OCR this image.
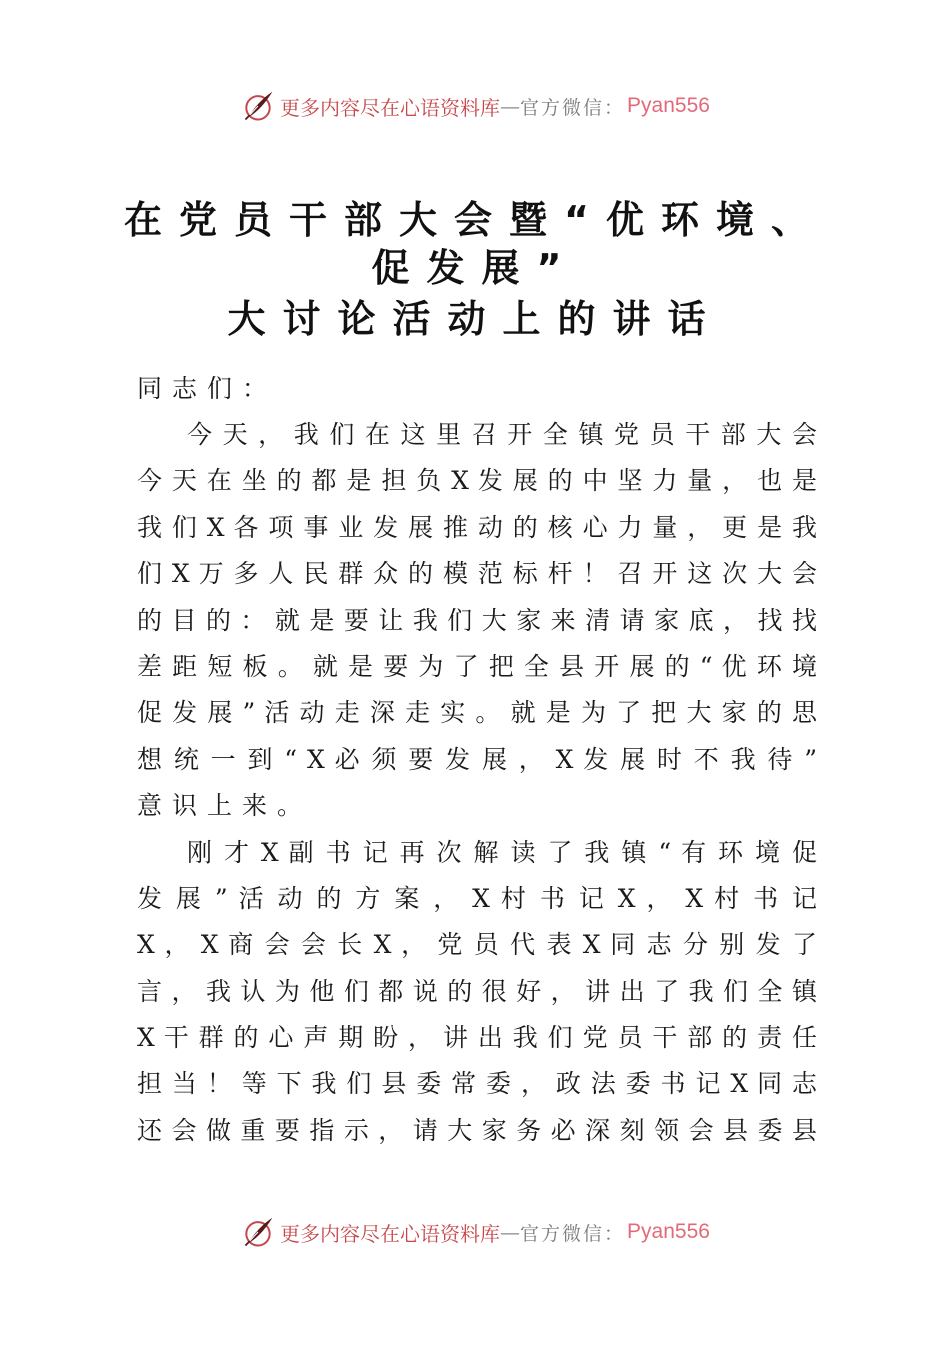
更多内容尽在心语资料库 — 官方微信： Pyan556
在党员干部大会暨“优环境、
促发展”
大讨论活动上的讲话
同志们：

今 天 ， 我 们 在 这 里 召 开 全 镇 党 员 干 部 大 会
今 天 在 坐 的 都 是 担 负 X 发 展 的 中 坚 力 量 ， 也 是
我 们 X 各 项 事 业 发 展 推 动 的 核 心 力 量 ， 更 是 我
们 X 万 多 人 民 群 众 的 模 范 标 杆 ！ 召 开 这 次 大 会
的 目 的 ： 就 是 要 让 我 们 大 家 来 清 请 家 底 ， 找 找
差 距 短 板 。 就 是 要 为 了 把 全 县 开 展 的 “ 优 环 境
促 发 展 ” 活 动 走 深 走 实 。 就 是 为 了 把 大 家 的 思
想 统 一 到 “ X 必 须 要 发 展 ， X 发 展 时 不 我 待 ”
意识上来。

刚 才 X 副 书 记 再 次 解 读 了 我 镇 “ 有 环 境 促
发 展 ” 活 动 的 方 案 ， X 村 书 记 X ， X 村 书 记
X ， X 商 会 会 长 X ， 党 员 代 表 X 同 志 分 别 发 了
言 ， 我 认 为 他 们 都 说 的 很 好 ， 讲 出 了 我 们 全 镇
X 干 群 的 心 声 期 盼 ， 讲 出 我 们 党 员 干 部 的 责 任
担 当 ！ 等 下 我 们 县 委 常 委 ， 政 法 委 书 记 X 同 志
还 会 做 重 要 指 示 ， 请 大 家 务 必 深 刻 领 会 县 委 县

更多内容尽在心语资料库 — 官方微信： Pyan556
